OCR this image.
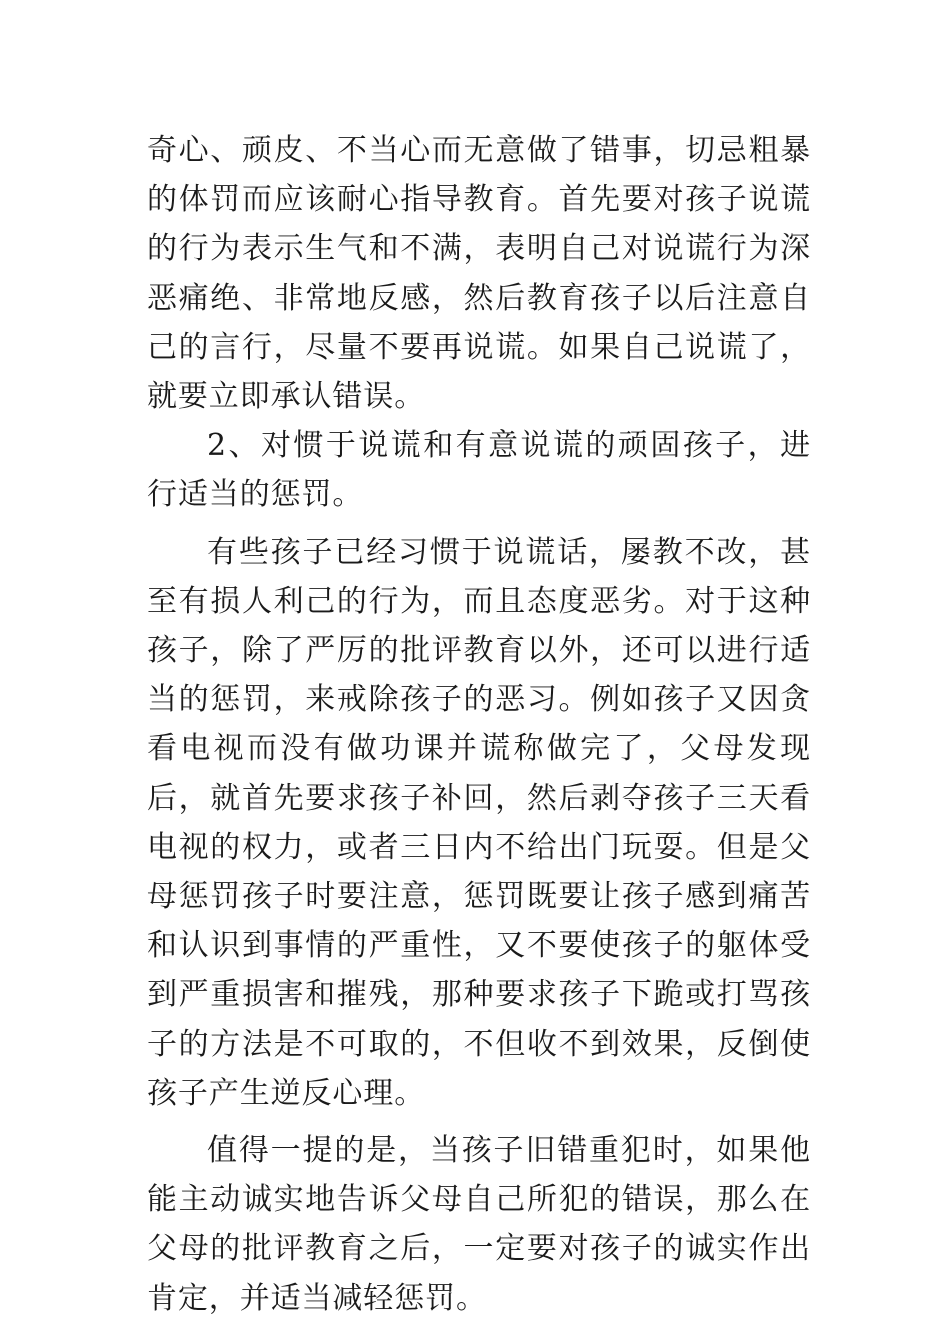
奇心、顽皮、不当心而无意做了错事，切忌粗暴的体罚而应该耐心指导教育。首先要对孩子说谎的行为表示生气和不满，表明自己对说谎行为深恶痛绝、非常地反感，然后教育孩子以后注意自己的言行，尽量不要再说谎。如果自己说谎了，就要立即承认错误。

2、对惯于说谎和有意说谎的顽固孩子，进行适当的惩罚。

有些孩子已经习惯于说谎话，屡教不改，甚至有损人利己的行为，而且态度恶劣。对于这种孩子，除了严厉的批评教育以外，还可以进行适当的惩罚，来戒除孩子的恶习。例如孩子又因贪看电视而没有做功课并谎称做完了，父母发现后，就首先要求孩子补回，然后剥夺孩子三天看电视的权力，或者三日内不给出门玩耍。但是父母惩罚孩子时要注意，惩罚既要让孩子感到痛苦和认识到事情的严重性，又不要使孩子的躯体受到严重损害和摧残，那种要求孩子下跪或打骂孩子的方法是不可取的，不但收不到效果，反倒使孩子产生逆反心理。

值得一提的是，当孩子旧错重犯时，如果他能主动诚实地告诉父母自己所犯的错误，那么在父母的批评教育之后，一定要对孩子的诚实作出肯定，并适当减轻惩罚。
